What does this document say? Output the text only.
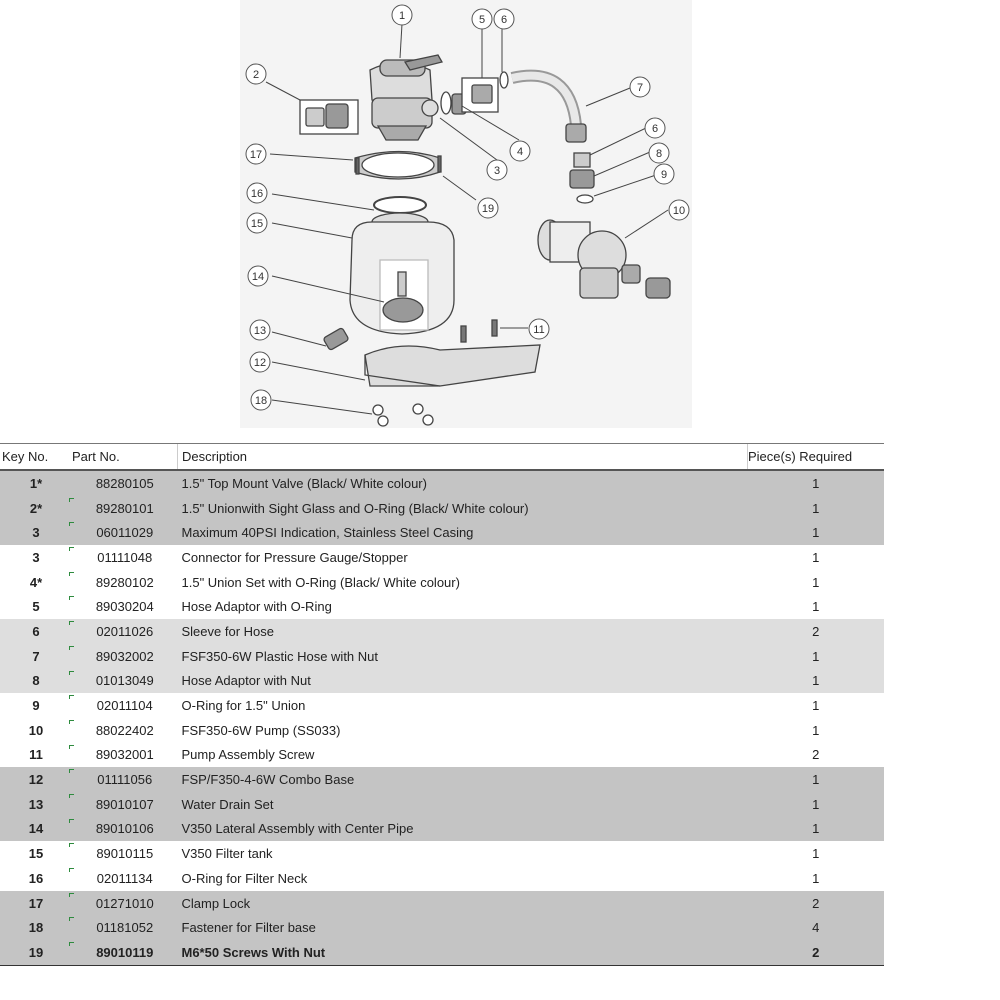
1
2
3
4
5 6
7
6
8
9
10
11
12
13
14
15
16
17
18
19
Key No.	Part No.	Description	Piece(s) Required
1*	88280105	1.5" Top Mount Valve (Black/ White colour)	1
2*	89280101	1.5" Unionwith Sight Glass and O-Ring (Black/ White colour)	1
3	06011029	Maximum 40PSI Indication, Stainless Steel Casing	1
3	01111048	Connector for Pressure Gauge/Stopper	1
4*	89280102	1.5" Union Set with O-Ring (Black/ White colour)	1
5	89030204	Hose Adaptor with O-Ring	1
6	02011026	Sleeve for Hose	2
7	89032002	FSF350-6W Plastic Hose with Nut	1
8	01013049	Hose Adaptor with Nut	1
9	02011104	O-Ring for 1.5" Union	1
10	88022402	FSF350-6W Pump (SS033)	1
11	89032001	Pump Assembly Screw	2
12	01111056	FSP/F350-4-6W Combo Base	1
13	89010107	Water Drain Set	1
14	89010106	V350 Lateral Assembly with Center Pipe	1
15	89010115	V350 Filter tank	1
16	02011134	O-Ring for Filter Neck	1
17	01271010	Clamp Lock	2
18	01181052	Fastener for Filter base	4
19	89010119	M6*50 Screws With Nut	2
